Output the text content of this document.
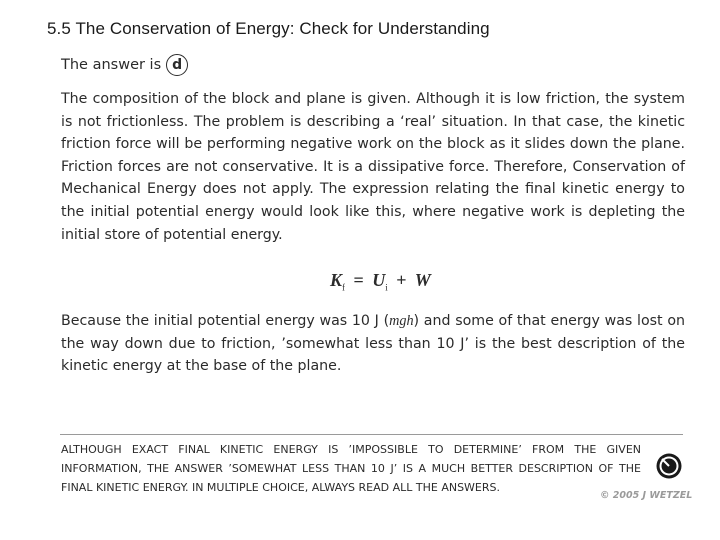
5.5 The Conservation of Energy: Check for Understanding
The answer is d
The composition of the block and plane is given. Although it is low friction, the system is not frictionless. The problem is describing a ‘real’ situation. In that case, the kinetic friction force will be performing negative work on the block as it slides down the plane. Friction forces are not conservative. It is a dissipative force. Therefore, Conservation of Mechanical Energy does not apply. The expression relating the final kinetic energy to the initial potential energy would look like this, where negative work is depleting the initial store of potential energy.
$K_f = U_i + W$
Because the initial potential energy was 10 J (mgh) and some of that energy was lost on the way down due to friction, ’somewhat less than 10 J’ is the best description of the kinetic energy at the base of the plane.
ALTHOUGH EXACT FINAL KINETIC ENERGY IS ’IMPOSSIBLE TO DETERMINE’ FROM THE GIVEN INFORMATION, THE ANSWER ’SOMEWHAT LESS THAN 10 J’ IS A MUCH BETTER DESCRIPTION OF THE FINAL KINETIC ENERGY. IN MULTIPLE CHOICE, ALWAYS READ ALL THE ANSWERS.
© 2005 J WETZEL
